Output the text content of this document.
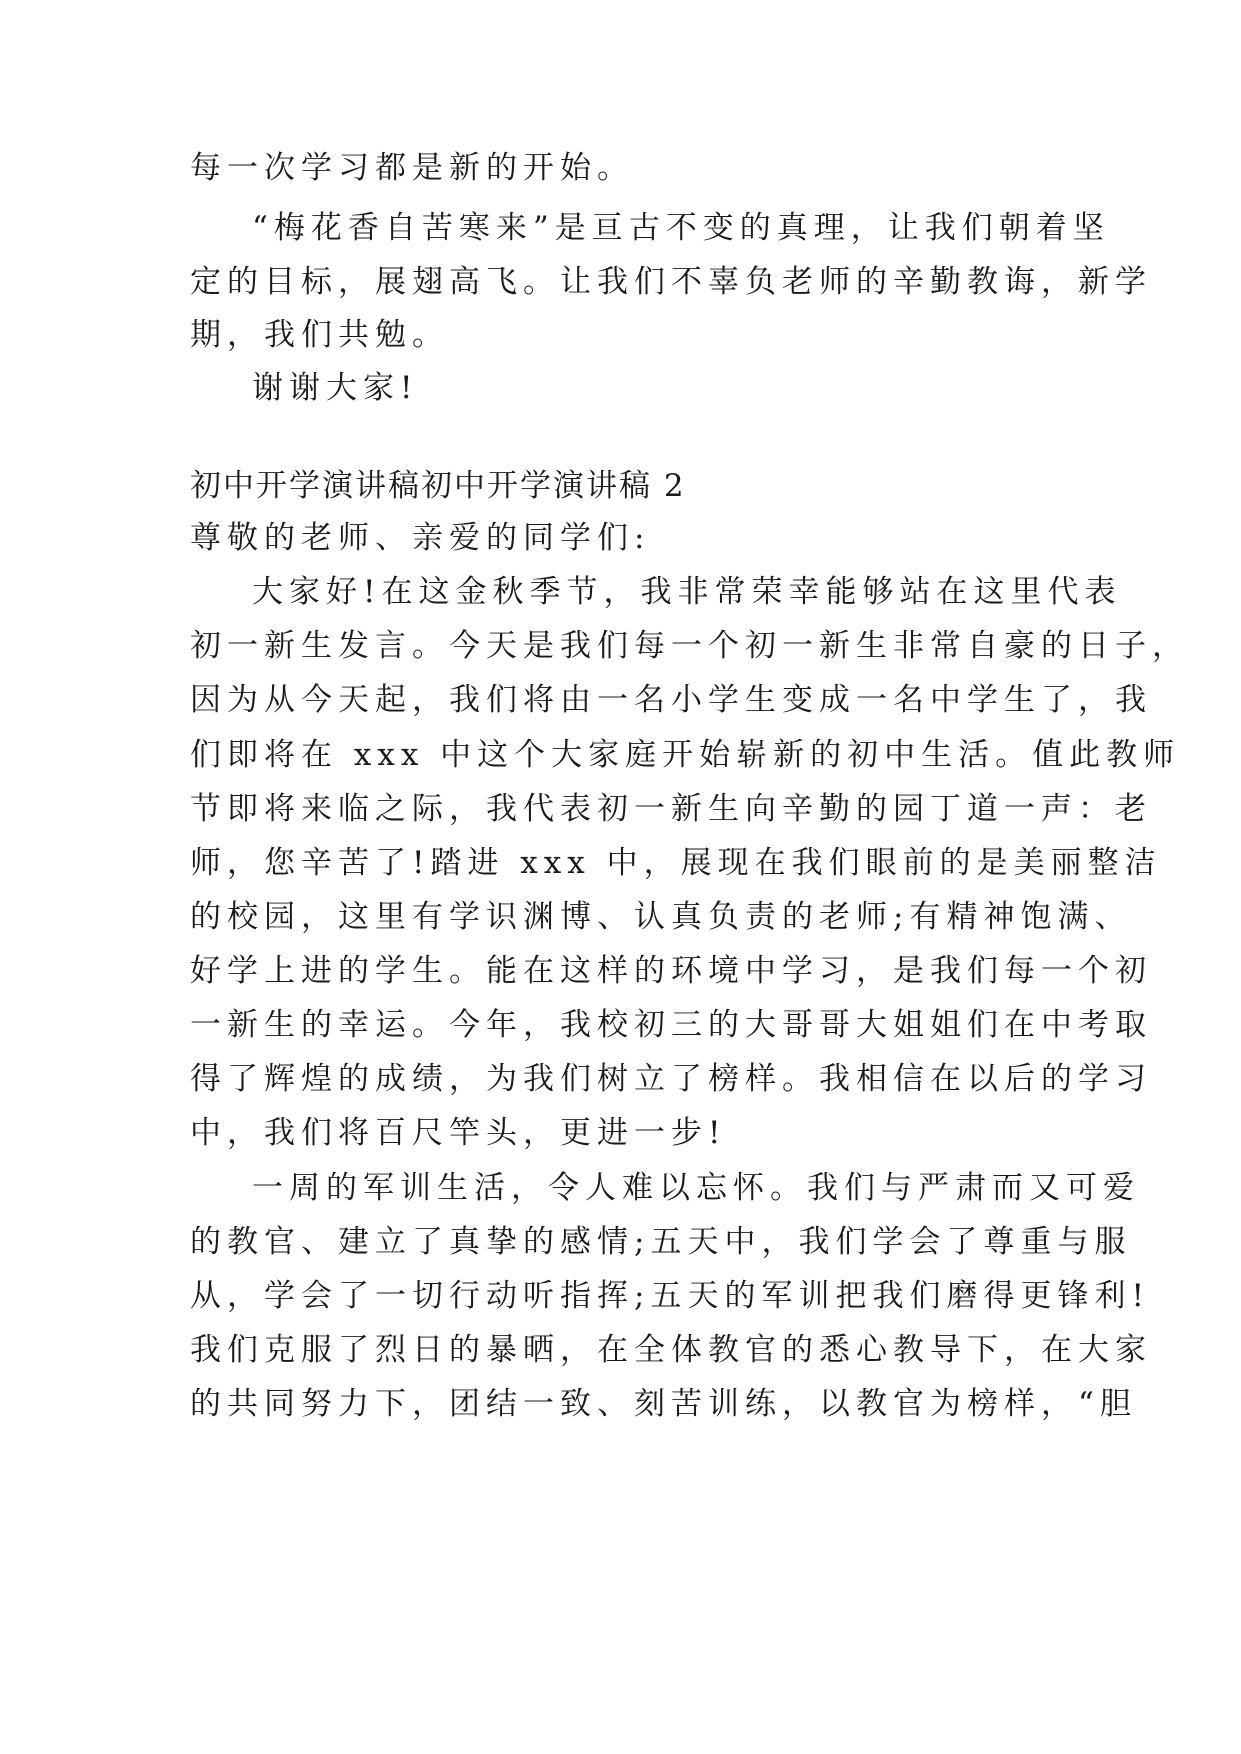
每一次学习都是新的开始。
“梅花香自苦寒来”是亘古不变的真理，让我们朝着坚
定的目标，展翅高飞。让我们不辜负老师的辛勤教诲，新学
期，我们共勉。
谢谢大家!
初中开学演讲稿初中开学演讲稿 2
尊敬的老师、亲爱的同学们:
大家好!在这金秋季节，我非常荣幸能够站在这里代表
初一新生发言。今天是我们每一个初一新生非常自豪的日子，
因为从今天起，我们将由一名小学生变成一名中学生了，我
们即将在 xxx 中这个大家庭开始崭新的初中生活。值此教师
节即将来临之际，我代表初一新生向辛勤的园丁道一声：老
师，您辛苦了!踏进 xxx 中，展现在我们眼前的是美丽整洁
的校园，这里有学识渊博、认真负责的老师;有精神饱满、
好学上进的学生。能在这样的环境中学习，是我们每一个初
一新生的幸运。今年，我校初三的大哥哥大姐姐们在中考取
得了辉煌的成绩，为我们树立了榜样。我相信在以后的学习
中，我们将百尺竿头，更进一步!
一周的军训生活，令人难以忘怀。我们与严肃而又可爱
的教官、建立了真挚的感情;五天中，我们学会了尊重与服
从，学会了一切行动听指挥;五天的军训把我们磨得更锋利!
我们克服了烈日的暴晒，在全体教官的悉心教导下，在大家
的共同努力下，团结一致、刻苦训练，以教官为榜样，“胆
